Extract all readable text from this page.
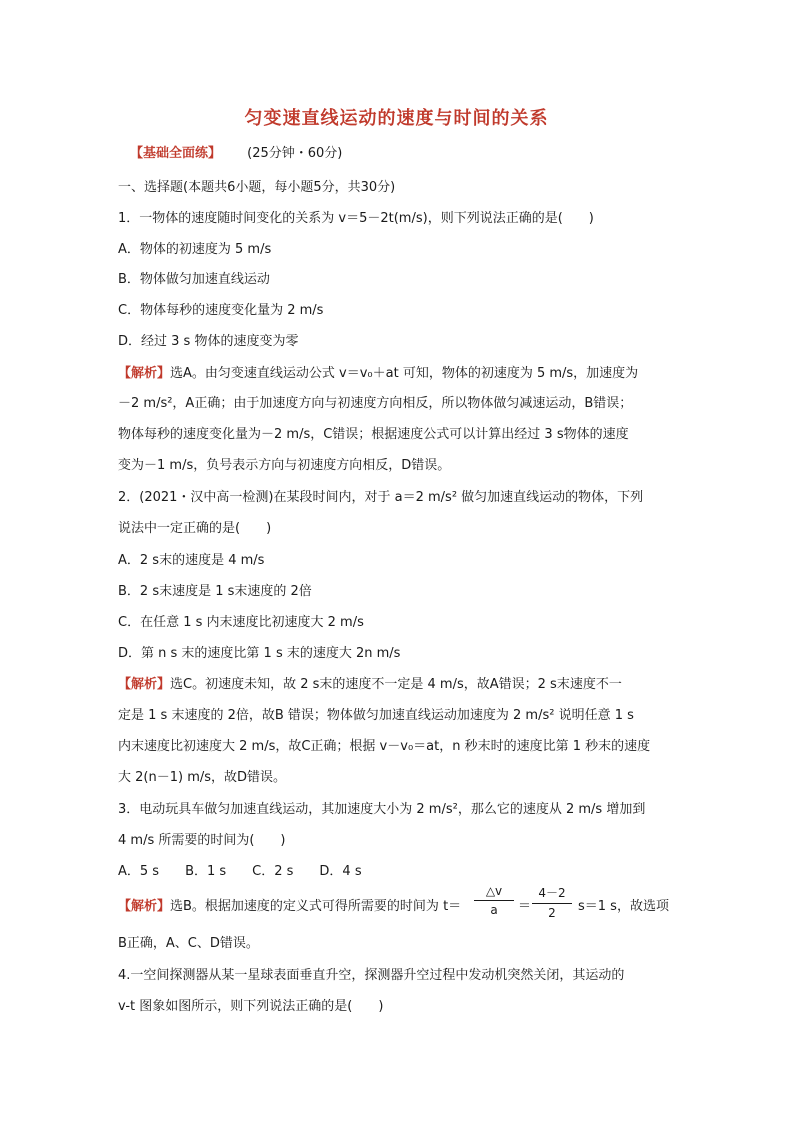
匀变速直线运动的速度与时间的关系
【基础全面练】 (25分钟・60分)
一、选择题(本题共6小题，每小题5分，共30分)
1．一物体的速度随时间变化的关系为 v＝5－2t(m/s)，则下列说法正确的是(　　)
A．物体的初速度为 5 m/s
B．物体做匀加速直线运动
C．物体每秒的速度变化量为 2 m/s
D．经过 3 s 物体的速度变为零
【解析】选A。由匀变速直线运动公式 v＝v₀＋at 可知，物体的初速度为 5 m/s，加速度为
－2 m/s²，A正确；由于加速度方向与初速度方向相反，所以物体做匀减速运动，B错误；
物体每秒的速度变化量为－2 m/s，C错误；根据速度公式可以计算出经过 3 s物体的速度
变为－1 m/s，负号表示方向与初速度方向相反，D错误。
2．(2021・汉中高一检测)在某段时间内，对于 a＝2 m/s² 做匀加速直线运动的物体，下列
说法中一定正确的是(　　)
A．2 s末的速度是 4 m/s
B．2 s末速度是 1 s末速度的 2倍
C．在任意 1 s 内末速度比初速度大 2 m/s
D．第 n s 末的速度比第 1 s 末的速度大 2n m/s
【解析】选C。初速度未知，故 2 s末的速度不一定是 4 m/s，故A错误；2 s末速度不一
定是 1 s 末速度的 2倍，故B 错误；物体做匀加速直线运动加速度为 2 m/s² 说明任意 1 s
内末速度比初速度大 2 m/s，故C正确；根据 v－v₀＝at，n 秒末时的速度比第 1 秒末的速度
大 2(n－1) m/s，故D错误。
3．电动玩具车做匀加速直线运动，其加速度大小为 2 m/s²，那么它的速度从 2 m/s 增加到
4 m/s 所需要的时间为(　　)
A．5 s　　B．1 s　　C．2 s　　D．4 s
【解析】选B。根据加速度的定义式可得所需要的时间为 t＝
△v
a	＝
4－2
2	s＝1 s，故选项
B正确，A、C、D错误。
4.一空间探测器从某一星球表面垂直升空，探测器升空过程中发动机突然关闭，其运动的
v-t 图象如图所示，则下列说法正确的是(　　)
